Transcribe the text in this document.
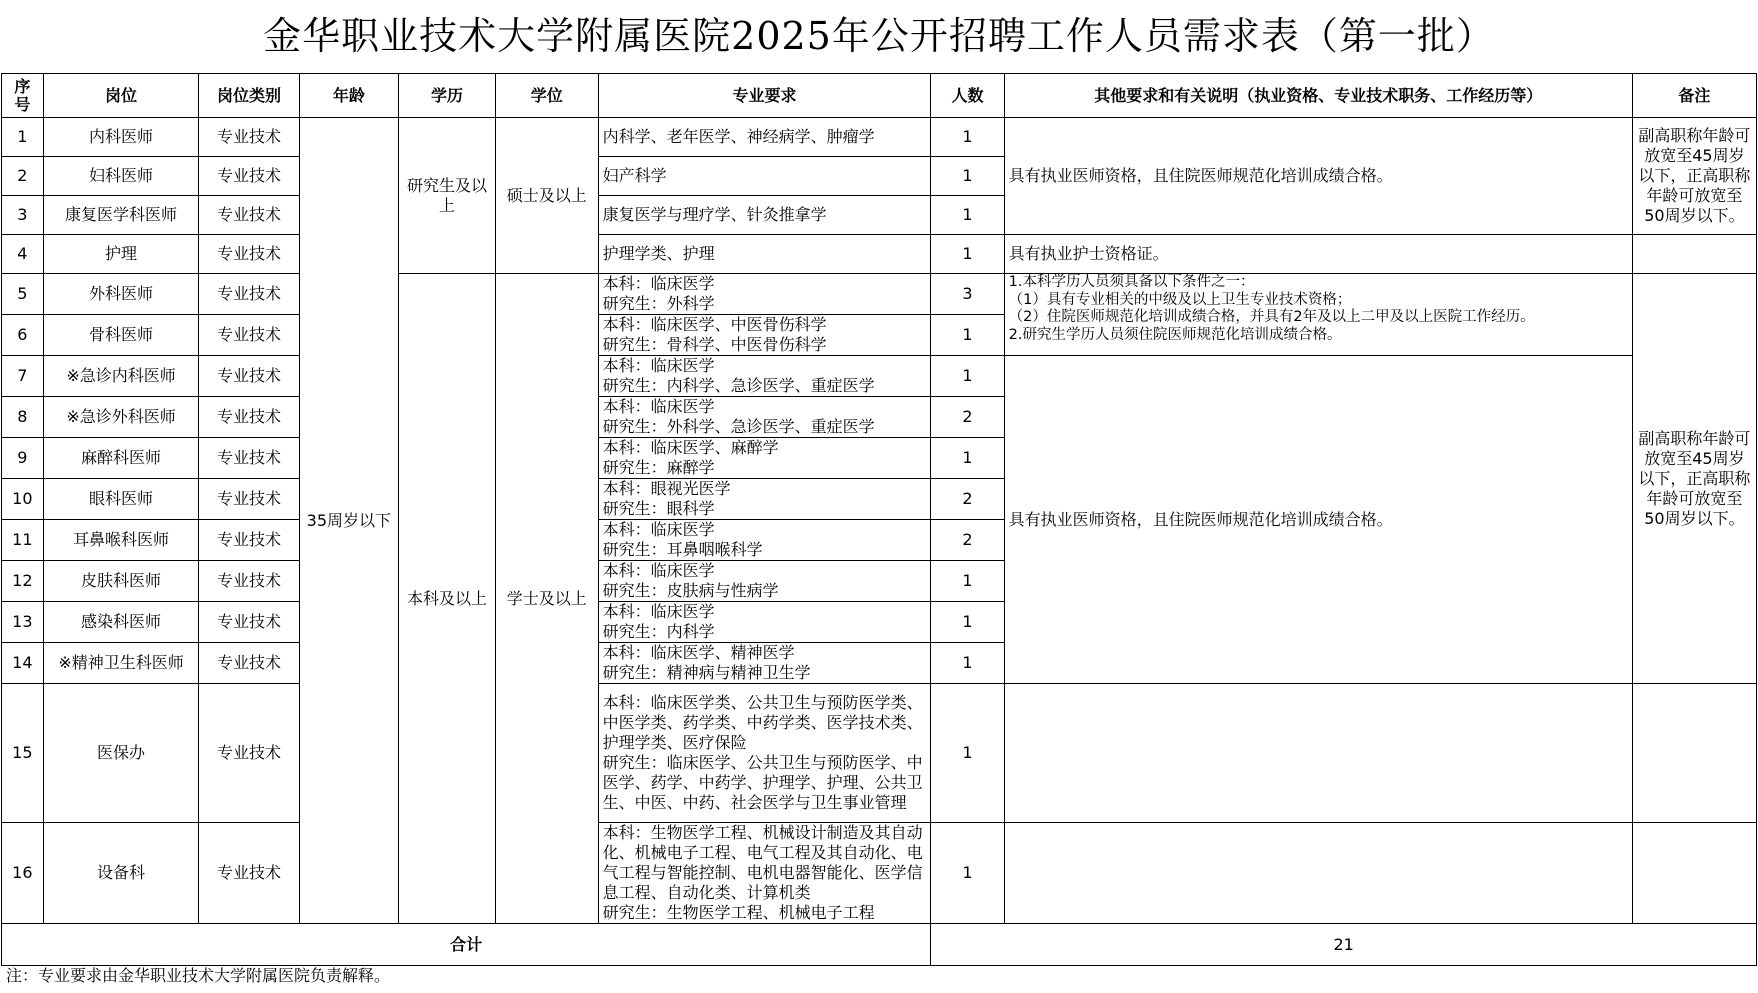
金华职业技术大学附属医院2025年公开招聘工作人员需求表（第一批）
序号	岗位	岗位类别	年龄	学历	学位	专业要求	人数	其他要求和有关说明（执业资格、专业技术职务、工作经历等）	备注
1	内科医师	专业技术	35周岁以下	研究生及以上	硕士及以上	内科学、老年医学、神经病学、肿瘤学	1	具有执业医师资格，且住院医师规范化培训成绩合格。	副高职称年龄可放宽至45周岁以下，正高职称年龄可放宽至50周岁以下。
2	妇科医师	专业技术				妇产科学	1		
3	康复医学科医师	专业技术				康复医学与理疗学、针灸推拿学	1		
4	护理	专业技术				护理学类、护理	1	具有执业护士资格证。	
5	外科医师	专业技术		本科及以上	学士及以上	本科：临床医学
研究生：外科学	3	1.本科学历人员须具备以下条件之一：
（1）具有专业相关的中级及以上卫生专业技术资格；
（2）住院医师规范化培训成绩合格，并具有2年及以上二甲及以上医院工作经历。
2.研究生学历人员须住院医师规范化培训成绩合格。	副高职称年龄可放宽至45周岁以下，正高职称年龄可放宽至50周岁以下。
6	骨科医师	专业技术				本科：临床医学、中医骨伤科学
研究生：骨科学、中医骨伤科学	1		
7	※急诊内科医师	专业技术				本科：临床医学
研究生：内科学、急诊医学、重症医学	1	具有执业医师资格，且住院医师规范化培训成绩合格。	
8	※急诊外科医师	专业技术				本科：临床医学
研究生：外科学、急诊医学、重症医学	2		
9	麻醉科医师	专业技术				本科：临床医学、麻醉学
研究生：麻醉学	1		
10	眼科医师	专业技术				本科：眼视光医学
研究生：眼科学	2		
11	耳鼻喉科医师	专业技术				本科：临床医学
研究生：耳鼻咽喉科学	2		
12	皮肤科医师	专业技术				本科：临床医学
研究生：皮肤病与性病学	1		
13	感染科医师	专业技术				本科：临床医学
研究生：内科学	1		
14	※精神卫生科医师	专业技术				本科：临床医学、精神医学
研究生：精神病与精神卫生学	1		
15	医保办	专业技术				本科：临床医学类、公共卫生与预防医学类、中医学类、药学类、中药学类、医学技术类、护理学类、医疗保险
研究生：临床医学、公共卫生与预防医学、中医学、药学、中药学、护理学、护理、公共卫生、中医、中药、社会医学与卫生事业管理	1		
16	设备科	专业技术				本科：生物医学工程、机械设计制造及其自动化、机械电子工程、电气工程及其自动化、电气工程与智能控制、电机电器智能化、医学信息工程、自动化类、计算机类
研究生：生物医学工程、机械电子工程	1		
合计							21		
注：专业要求由金华职业技术大学附属医院负责解释。
